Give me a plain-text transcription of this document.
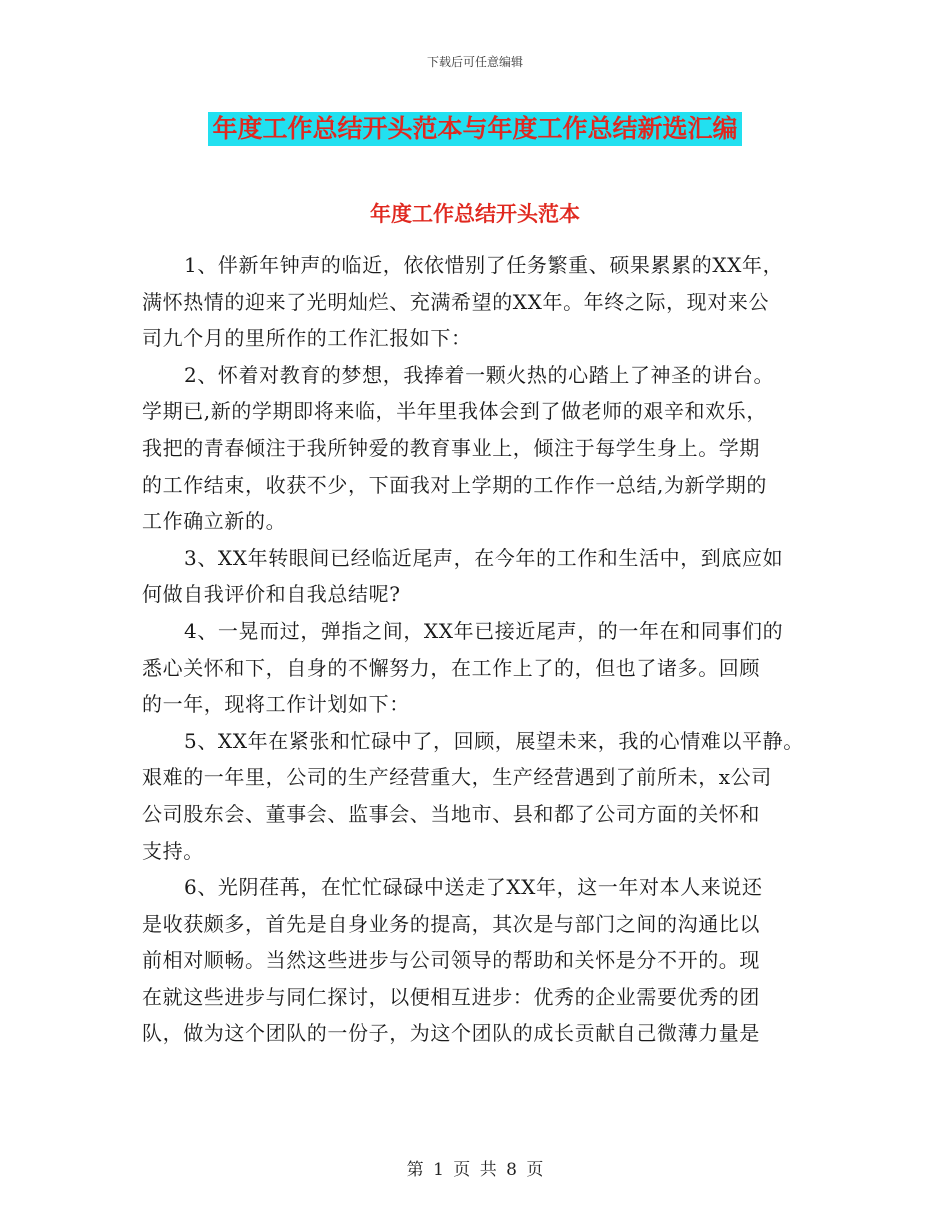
下载后可任意编辑
年度工作总结开头范本与年度工作总结新选汇编
年度工作总结开头范本

1、伴新年钟声的临近，依依惜别了任务繁重、硕果累累的XX年，
满怀热情的迎来了光明灿烂、充满希望的XX年。年终之际，现对来公
司九个月的里所作的工作汇报如下：

2、怀着对教育的梦想，我捧着一颗火热的心踏上了神圣的讲台。
学期已,新的学期即将来临，半年里我体会到了做老师的艰辛和欢乐，
我把的青春倾注于我所钟爱的教育事业上，倾注于每学生身上。学期
的工作结束，收获不少，下面我对上学期的工作作一总结,为新学期的
工作确立新的。

3、XX年转眼间已经临近尾声，在今年的工作和生活中，到底应如
何做自我评价和自我总结呢?

4、一晃而过，弹指之间，XX年已接近尾声，的一年在和同事们的
悉心关怀和下，自身的不懈努力，在工作上了的，但也了诸多。回顾
的一年，现将工作计划如下：

5、XX年在紧张和忙碌中了，回顾，展望未来，我的心情难以平静。
艰难的一年里，公司的生产经营重大，生产经营遇到了前所未，x公司
公司股东会、董事会、监事会、当地市、县和都了公司方面的关怀和
支持。

6、光阴荏苒，在忙忙碌碌中送走了XX年，这一年对本人来说还
是收获颇多，首先是自身业务的提高，其次是与部门之间的沟通比以
前相对顺畅。当然这些进步与公司领导的帮助和关怀是分不开的。现
在就这些进步与同仁探讨，以便相互进步：优秀的企业需要优秀的团
队，做为这个团队的一份子，为这个团队的成长贡献自己微薄力量是

第 1 页 共 8 页
